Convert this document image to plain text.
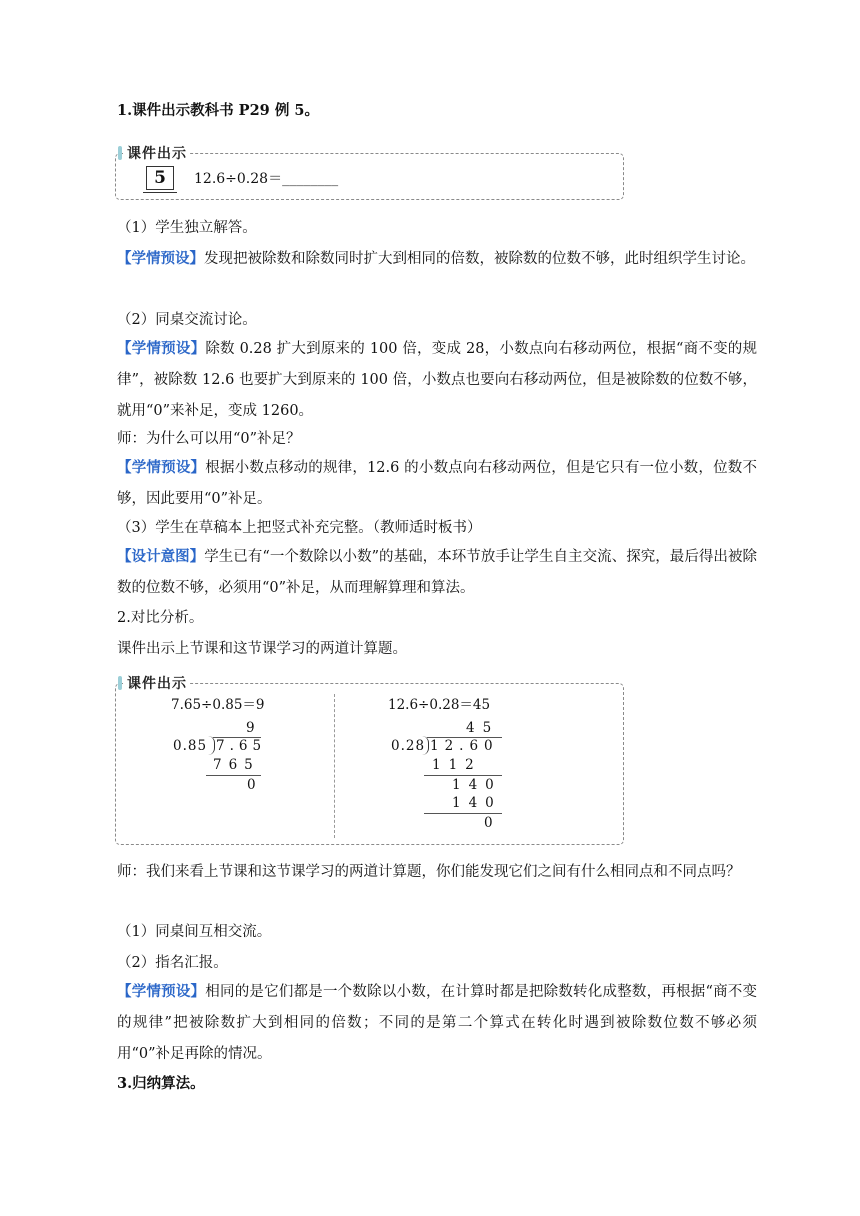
1.课件出示教科书 P29 例 5。
课件出示
5	12.6÷0.28＝________
（1）学生独立解答。
【学情预设】发现把被除数和除数同时扩大到相同的倍数，被除数的位数不够，此时组织学生讨论。
（2）同桌交流讨论。
【学情预设】除数 0.28 扩大到原来的 100 倍，变成 28，小数点向右移动两位，根据“商不变的规律”，被除数 12.6 也要扩大到原来的 100 倍，小数点也要向右移动两位，但是被除数的位数不够，就用“0”来补足，变成 1260。
师：为什么可以用“0”补足？
【学情预设】根据小数点移动的规律，12.6 的小数点向右移动两位，但是它只有一位小数，位数不够，因此要用“0”补足。
（3）学生在草稿本上把竖式补充完整。（教师适时板书）
【设计意图】学生已有“一个数除以小数”的基础，本环节放手让学生自主交流、探究，最后得出被除数的位数不够，必须用“0”补足，从而理解算理和算法。
2.对比分析。
课件出示上节课和这节课学习的两道计算题。
课件出示
7.65÷0.85＝9
9
0.85 7.65
765
0
12.6÷0.28＝45
45
0.28 12.60
112
140
140
0
师：我们来看上节课和这节课学习的两道计算题，你们能发现它们之间有什么相同点和不同点吗？
（1）同桌间互相交流。
（2）指名汇报。
【学情预设】相同的是它们都是一个数除以小数，在计算时都是把除数转化成整数，再根据“商不变的规律”把被除数扩大到相同的倍数；不同的是第二个算式在转化时遇到被除数位数不够必须用“0”补足再除的情况。
3.归纳算法。
